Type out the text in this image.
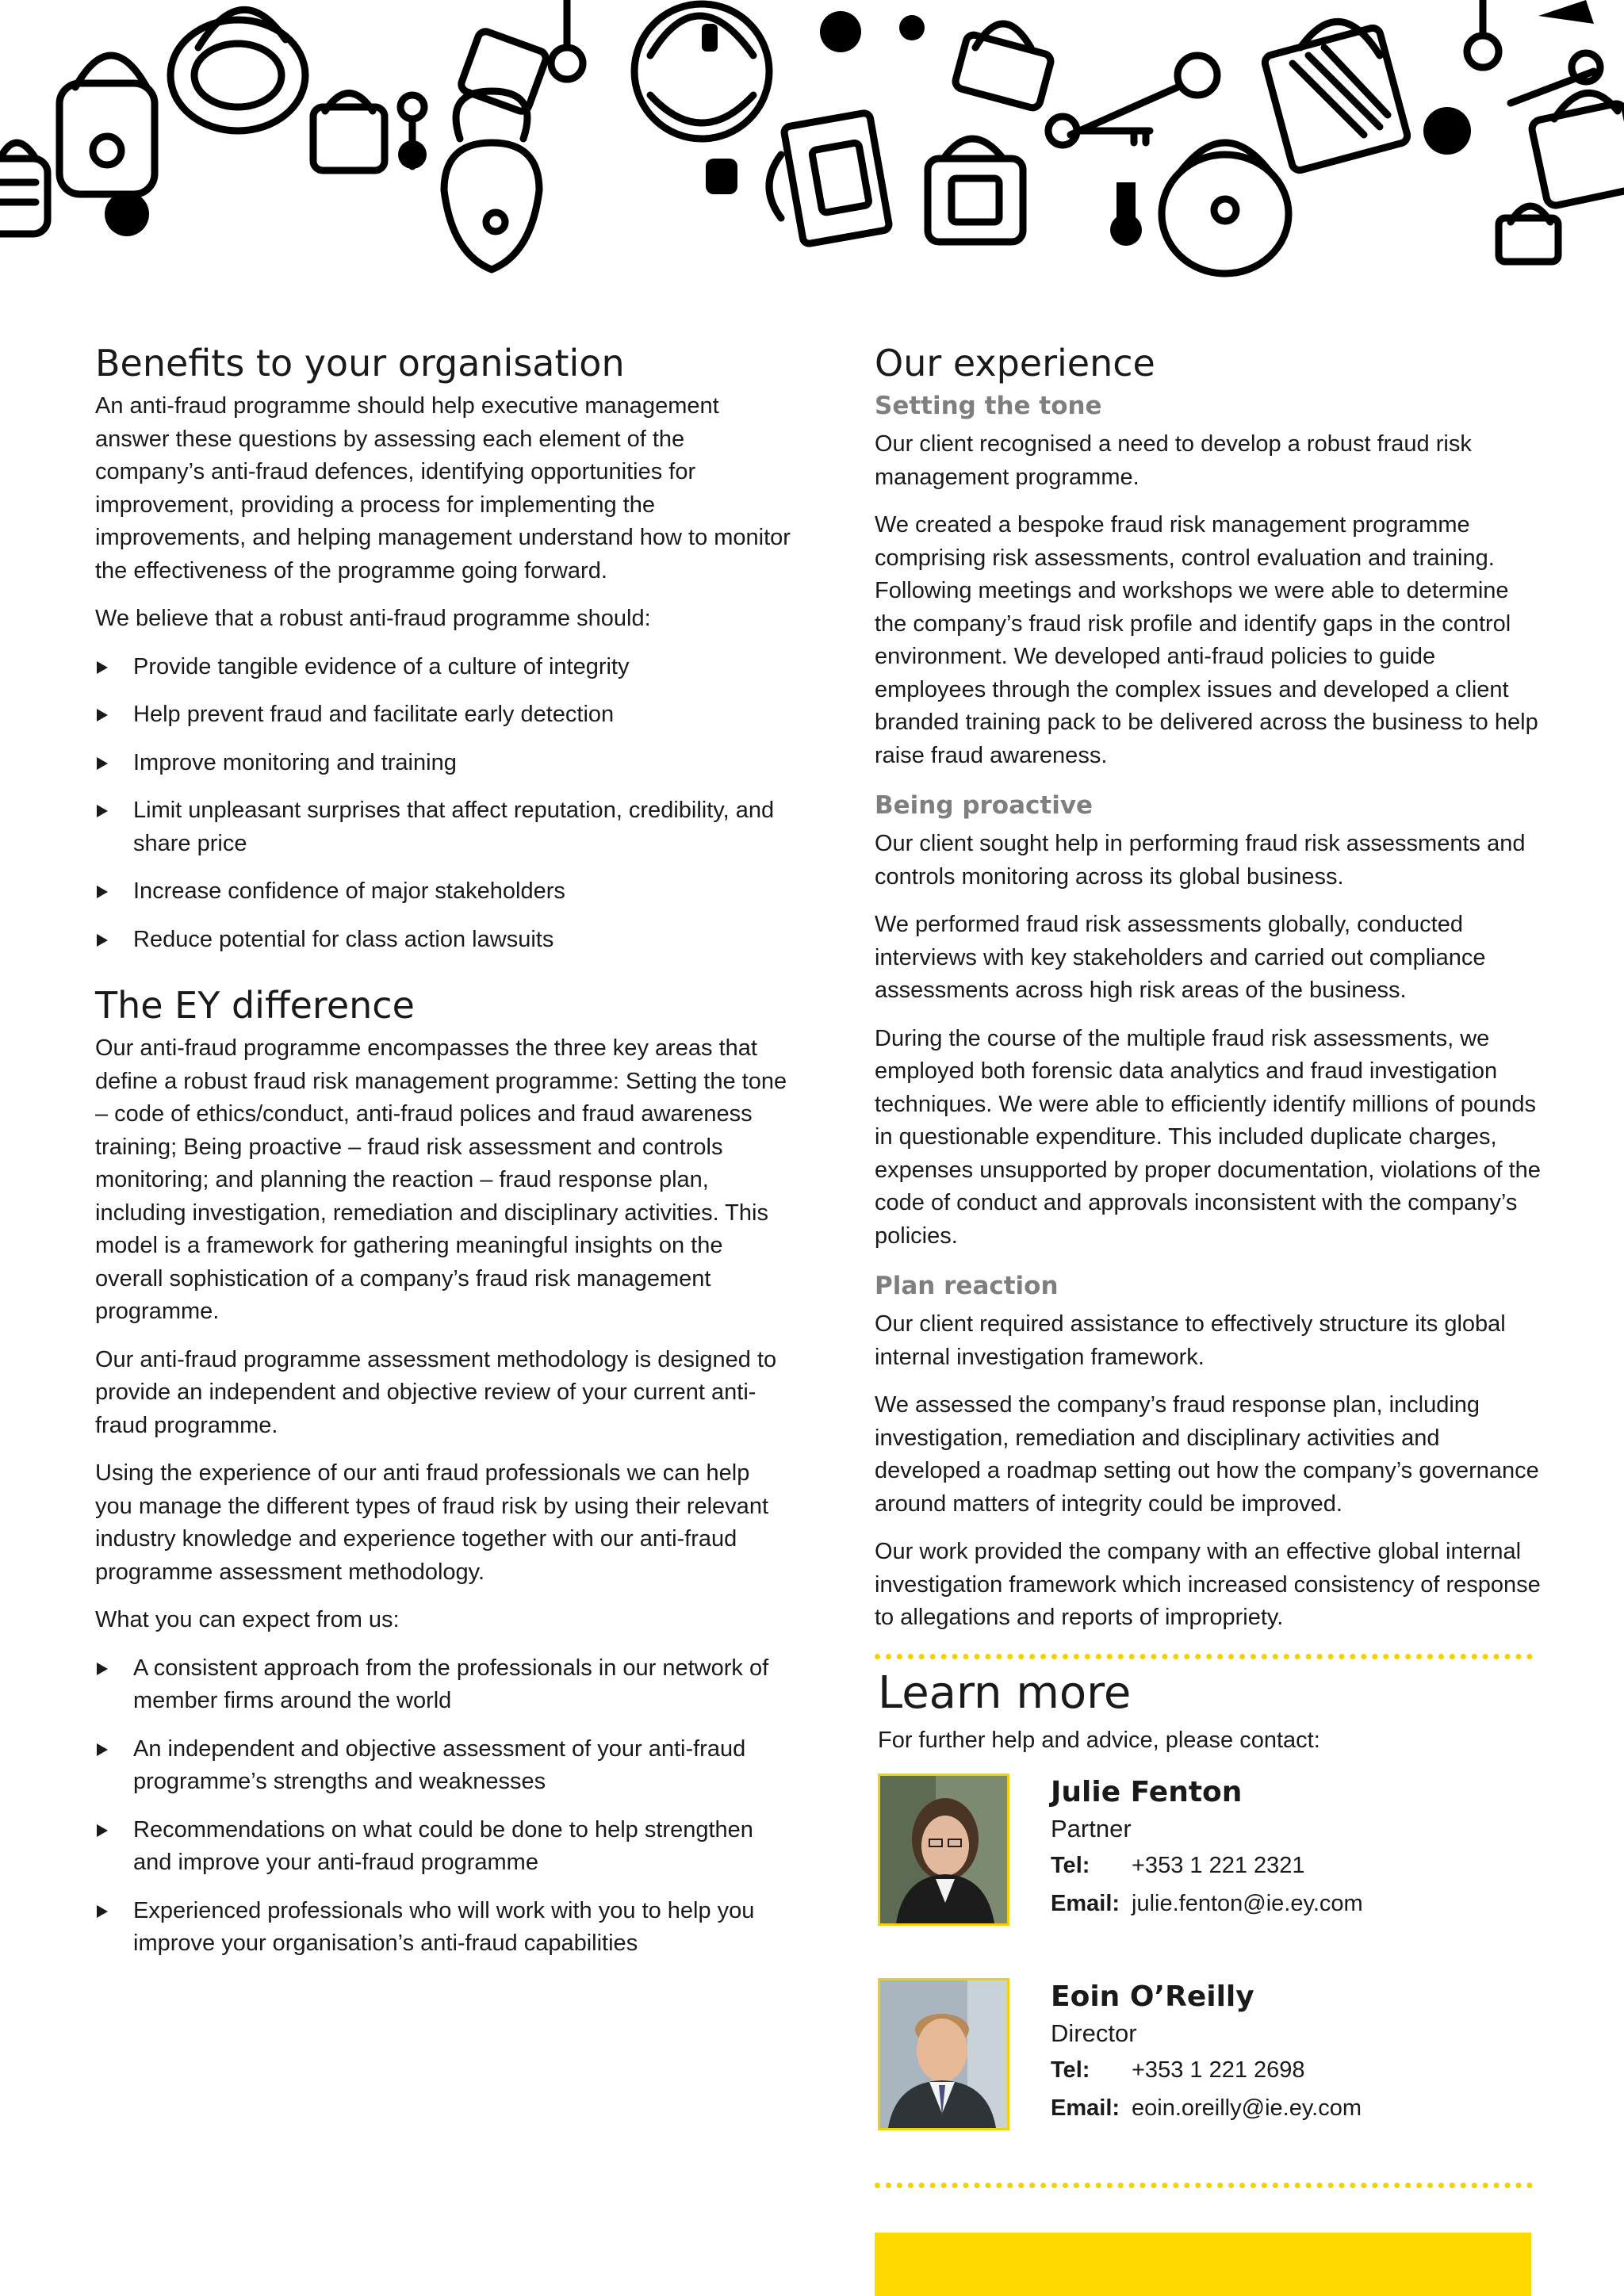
Benefits to your organisation

An anti-fraud programme should help executive management answer these questions by assessing each element of the company’s anti-fraud defences, identifying opportunities for improvement, providing a process for implementing the improvements, and helping management understand how to monitor the effectiveness of the programme going forward.

We believe that a robust anti-fraud programme should:

Provide tangible evidence of a culture of integrity
Help prevent fraud and facilitate early detection
Improve monitoring and training
Limit unpleasant surprises that affect reputation, credibility, and share price
Increase confidence of major stakeholders
Reduce potential for class action lawsuits
The EY difference

Our anti-fraud programme encompasses the three key areas that define a robust fraud risk management programme: Setting the tone – code of ethics/conduct, anti-fraud polices and fraud awareness training; Being proactive – fraud risk assessment and controls monitoring; and planning the reaction – fraud response plan, including investigation, remediation and disciplinary activities. This model is a framework for gathering meaningful insights on the overall sophistication of a company’s fraud risk management programme.

Our anti-fraud programme assessment methodology is designed to provide an independent and objective review of your current anti-fraud programme.

Using the experience of our anti fraud professionals we can help you manage the different types of fraud risk by using their relevant industry knowledge and experience together with our anti-fraud programme assessment methodology.

What you can expect from us:

A consistent approach from the professionals in our network of member firms around the world
An independent and objective assessment of your anti-fraud programme’s strengths and weaknesses
Recommendations on what could be done to help strengthen and improve your anti-fraud programme
Experienced professionals who will work with you to help you improve your organisation’s anti-fraud capabilities
Our experience
Setting the tone

Our client recognised a need to develop a robust fraud risk management programme.

We created a bespoke fraud risk management programme comprising risk assessments, control evaluation and training. Following meetings and workshops we were able to determine the company’s fraud risk profile and identify gaps in the control environment. We developed anti-fraud policies to guide employees through the complex issues and developed a client branded training pack to be delivered across the business to help raise fraud awareness.

Being proactive

Our client sought help in performing fraud risk assessments and controls monitoring across its global business.

We performed fraud risk assessments globally, conducted interviews with key stakeholders and carried out compliance assessments across high risk areas of the business.

During the course of the multiple fraud risk assessments, we employed both forensic data analytics and fraud investigation techniques. We were able to efficiently identify millions of pounds in questionable expenditure. This included duplicate charges, expenses unsupported by proper documentation, violations of the code of conduct and approvals inconsistent with the company’s policies.

Plan reaction

Our client required assistance to effectively structure its global internal investigation framework.

We assessed the company’s fraud response plan, including investigation, remediation and disciplinary activities and developed a roadmap setting out how the company’s governance around matters of integrity could be improved.

Our work provided the company with an effective global internal investigation framework which increased consistency of response to allegations and reports of impropriety.

Learn more

For further help and advice, please contact:

Julie Fenton
Partner
Tel: +353 1 221 2321
Email: julie.fenton@ie.ey.com
Eoin O’Reilly
Director
Tel: +353 1 221 2698
Email: eoin.oreilly@ie.ey.com
